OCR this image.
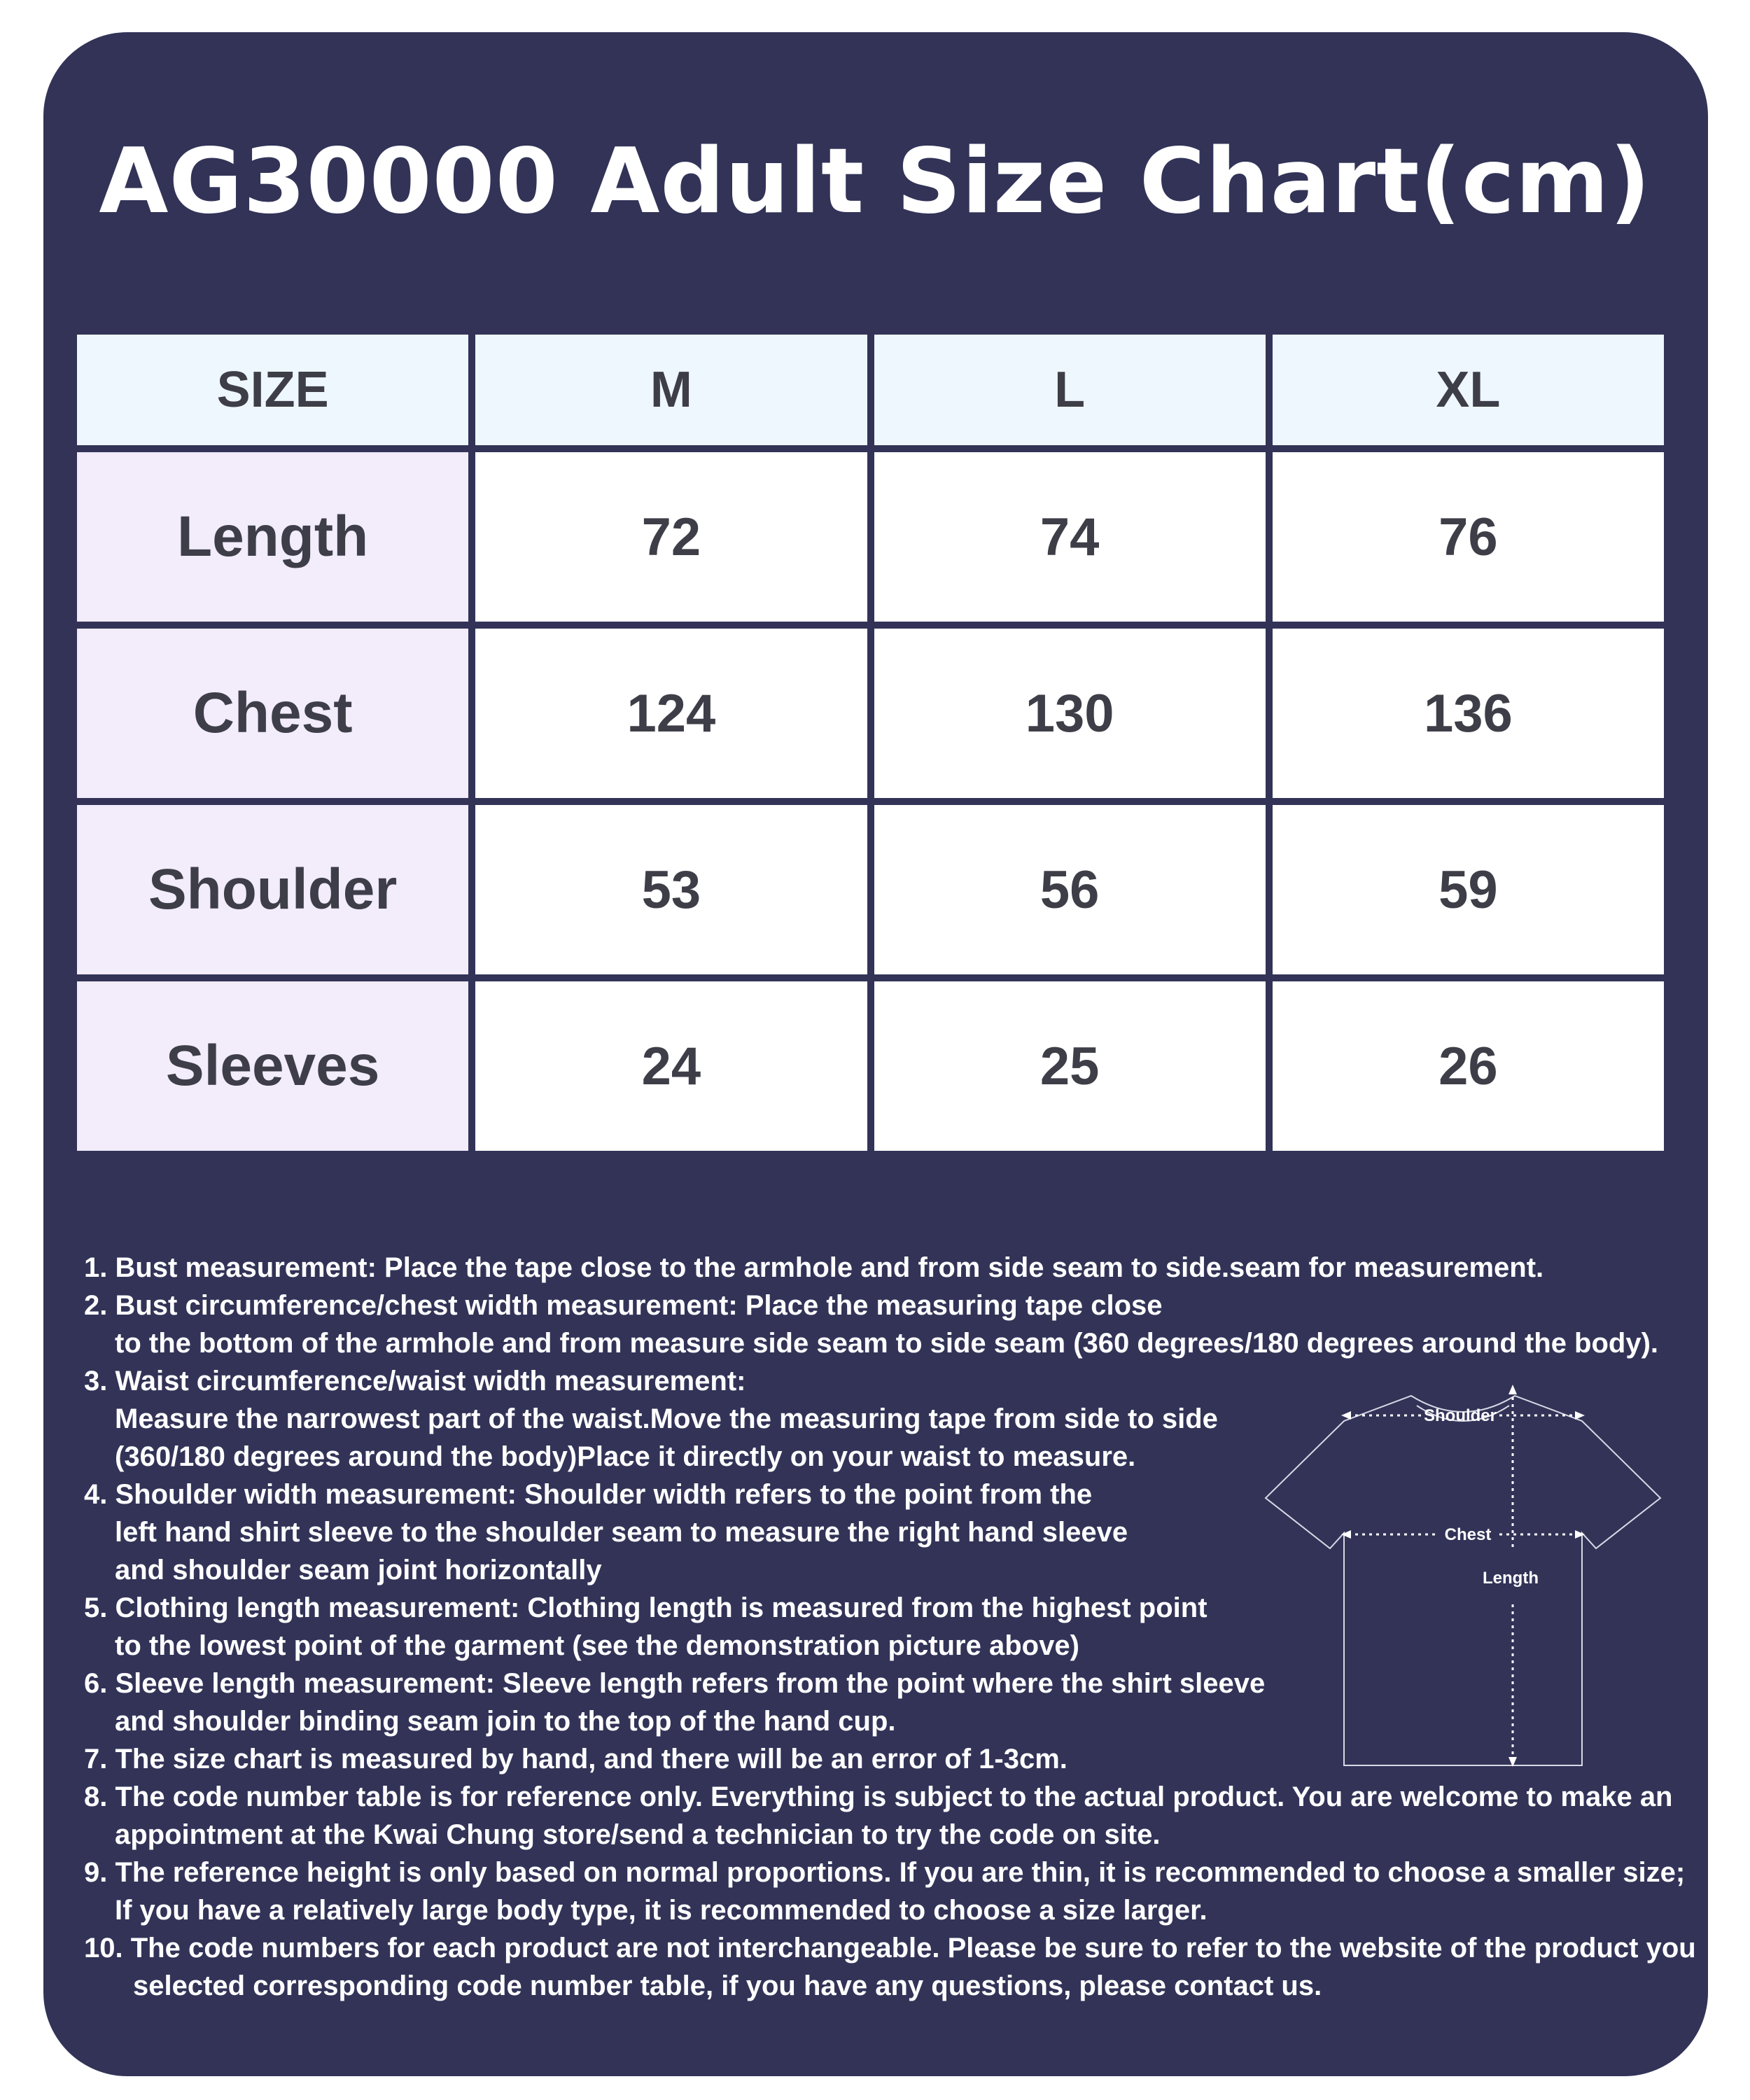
AG30000 Adult Size Chart(cm)
SIZE	M	L	XL
Length	72	74	76
Chest	124	130	136
Shoulder	53	56	59
Sleeves	24	25	26
1. Bust measurement: Place the tape close to the armhole and from side seam to side.seam for measurement.
2. Bust circumference/chest width measurement: Place the measuring tape close
to the bottom of the armhole and from measure side seam to side seam (360 degrees/180 degrees around the body).
3. Waist circumference/waist width measurement:
Measure the narrowest part of the waist.Move the measuring tape from side to side
(360/180 degrees around the body)Place it directly on your waist to measure.
4. Shoulder width measurement: Shoulder width refers to the point from the
left hand shirt sleeve to the shoulder seam to measure the right hand sleeve
and shoulder seam joint horizontally
5. Clothing length measurement: Clothing length is measured from the highest point
to the lowest point of the garment (see the demonstration picture above)
6. Sleeve length measurement: Sleeve length refers from the point where the shirt sleeve
and shoulder binding seam join to the top of the hand cup.
7. The size chart is measured by hand, and there will be an error of 1-3cm.
8. The code number table is for reference only. Everything is subject to the actual product. You are welcome to make an
appointment at the Kwai Chung store/send a technician to try the code on site.
9. The reference height is only based on normal proportions. If you are thin, it is recommended to choose a smaller size;
If you have a relatively large body type, it is recommended to choose a size larger.
10. The code numbers for each product are not interchangeable. Please be sure to refer to the website of the product you
selected corresponding code number table, if you have any questions, please contact us.
Shoulder
Chest
Length
